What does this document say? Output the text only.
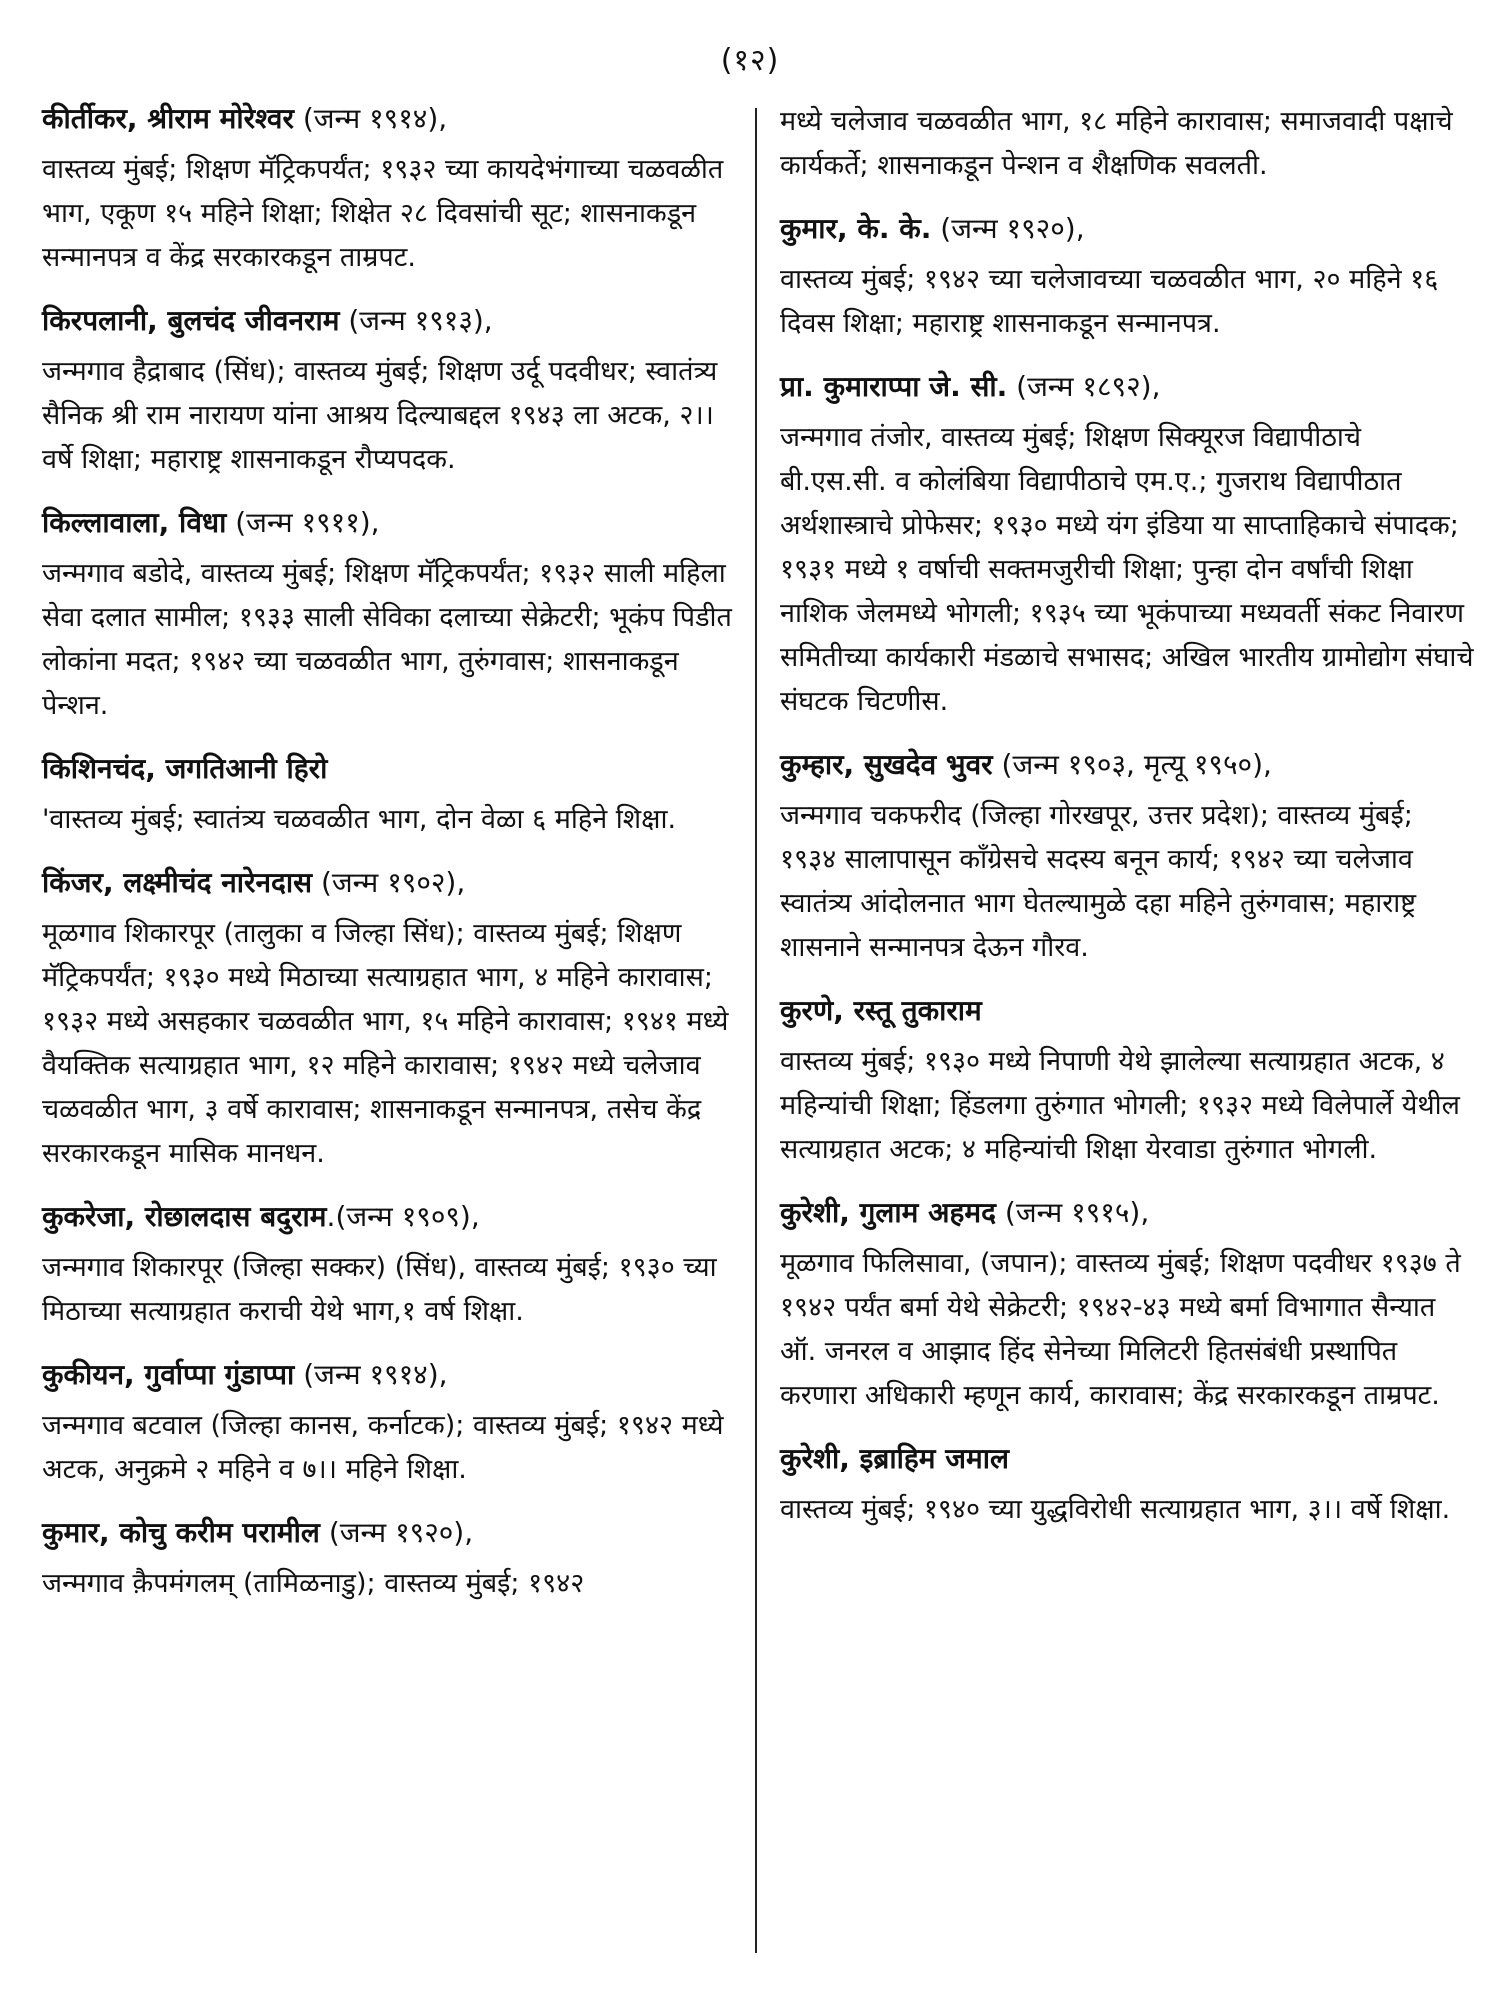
(१२)

कीर्तीकर, श्रीराम मोरेश्वर (जन्म १९१४),

वास्तव्य मुंबई; शिक्षण मॅट्रिकपर्यंत; १९३२ च्या कायदेभंगाच्या चळवळीत भाग, एकूण १५ महिने शिक्षा; शिक्षेत २८ दिवसांची सूट; शासनाकडून सन्मानपत्र व केंद्र सरकारकडून ताम्रपट.

किरपलानी, बुलचंद जीवनराम (जन्म १९१३),

जन्मगाव हैद्राबाद (सिंध); वास्तव्य मुंबई; शिक्षण उर्दू पदवीधर; स्वातंत्र्य सैनिक श्री राम नारायण यांना आश्रय दिल्याबद्दल १९४३ ला अटक, २।। वर्षे शिक्षा; महाराष्ट्र शासनाकडून रौप्यपदक.

किल्लावाला, विधा (जन्म १९११),

जन्मगाव बडोदे, वास्तव्य मुंबई; शिक्षण मॅट्रिकपर्यंत; १९३२ साली महिला सेवा दलात सामील; १९३३ साली सेविका दलाच्या सेक्रेटरी; भूकंप पिडीत लोकांना मदत; १९४२ च्या चळवळीत भाग, तुरुंगवास; शासनाकडून पेन्शन.

किशिनचंद, जगतिआनी हिरो

'वास्तव्य मुंबई; स्वातंत्र्य चळवळीत भाग, दोन वेळा ६ महिने शिक्षा.

किंजर, लक्ष्मीचंद नारेनदास (जन्म १९०२),

मूळगाव शिकारपूर (तालुका व जिल्हा सिंध); वास्तव्य मुंबई; शिक्षण मॅट्रिकपर्यंत; १९३० मध्ये मिठाच्या सत्याग्रहात भाग, ४ महिने कारावास; १९३२ मध्ये असहकार चळवळीत भाग, १५ महिने कारावास; १९४१ मध्ये वैयक्तिक सत्याग्रहात भाग, १२ महिने कारावास; १९४२ मध्ये चलेजाव चळवळीत भाग, ३ वर्षे कारावास; शासनाकडून सन्मानपत्र, तसेच केंद्र सरकारकडून मासिक मानधन.

कुकरेजा, रोछालदास बदुराम.(जन्म १९०९),

जन्मगाव शिकारपूर (जिल्हा सक्कर) (सिंध), वास्तव्य मुंबई; १९३० च्या मिठाच्या सत्याग्रहात कराची येथे भाग,१ वर्ष शिक्षा.

कुकीयन, गुर्वाप्पा गुंडाप्पा (जन्म १९१४),

जन्मगाव बटवाल (जिल्हा कानस, कर्नाटक); वास्तव्य मुंबई; १९४२ मध्ये अटक, अनुक्रमे २ महिने व ७।। महिने शिक्षा.

कुमार, कोचु करीम परामील (जन्म १९२०),

जन्मगाव क़ैपमंगलम् (तामिळनाडु); वास्तव्य मुंबई; १९४२

मध्ये चलेजाव चळवळीत भाग, १८ महिने कारावास; समाजवादी पक्षाचे कार्यकर्ते; शासनाकडून पेन्शन व शैक्षणिक सवलती.

कुमार, के. के. (जन्म १९२०),

वास्तव्य मुंबई; १९४२ च्या चलेजावच्या चळवळीत भाग, २० महिने १६ दिवस शिक्षा; महाराष्ट्र शासनाकडून सन्मानपत्र.

प्रा. कुमाराप्पा जे. सी. (जन्म १८९२),

जन्मगाव तंजोर, वास्तव्य मुंबई; शिक्षण सिक्यूरज विद्यापीठाचे बी.एस.सी. व कोलंबिया विद्यापीठाचे एम.ए.; गुजराथ विद्यापीठात अर्थशास्त्राचे प्रोफेसर; १९३० मध्ये यंग इंडिया या साप्ताहिकाचे संपादक; १९३१ मध्ये १ वर्षाची सक्तमजुरीची शिक्षा; पुन्हा दोन वर्षांची शिक्षा नाशिक जेलमध्ये भोगली; १९३५ च्या भूकंपाच्या मध्यवर्ती संकट निवारण समितीच्या कार्यकारी मंडळाचे सभासद; अखिल भारतीय ग्रामोद्योग संघाचे संघटक चिटणीस.

कुम्हार, सुखदेव भुवर (जन्म १९०३, मृत्यू १९५०),

जन्मगाव चकफरीद (जिल्हा गोरखपूर, उत्तर प्रदेश); वास्तव्य मुंबई; १९३४ सालापासून काँग्रेसचे सदस्य बनून कार्य; १९४२ च्या चलेजाव स्वातंत्र्य आंदोलनात भाग घेतल्यामुळे दहा महिने तुरुंगवास; महाराष्ट्र शासनाने सन्मानपत्र देऊन गौरव.

कुरणे, रस्तू तुकाराम

वास्तव्य मुंबई; १९३० मध्ये निपाणी येथे झालेल्या सत्याग्रहात अटक, ४ महिन्यांची शिक्षा; हिंडलगा तुरुंगात भोगली; १९३२ मध्ये विलेपार्ले येथील सत्याग्रहात अटक; ४ महिन्यांची शिक्षा येरवाडा तुरुंगात भोगली.

कुरेशी, गुलाम अहमद (जन्म १९१५),

मूळगाव फिलिसावा, (जपान); वास्तव्य मुंबई; शिक्षण पदवीधर १९३७ ते १९४२ पर्यंत बर्मा येथे सेक्रेटरी; १९४२-४३ मध्ये बर्मा विभागात सैन्यात ऑ. जनरल व आझाद हिंद सेनेच्या मिलिटरी हितसंबंधी प्रस्थापित करणारा अधिकारी म्हणून कार्य, कारावास; केंद्र सरकारकडून ताम्रपट.

कुरेशी, इब्राहिम जमाल

वास्तव्य मुंबई; १९४० च्या युद्धविरोधी सत्याग्रहात भाग, ३।। वर्षे शिक्षा.
